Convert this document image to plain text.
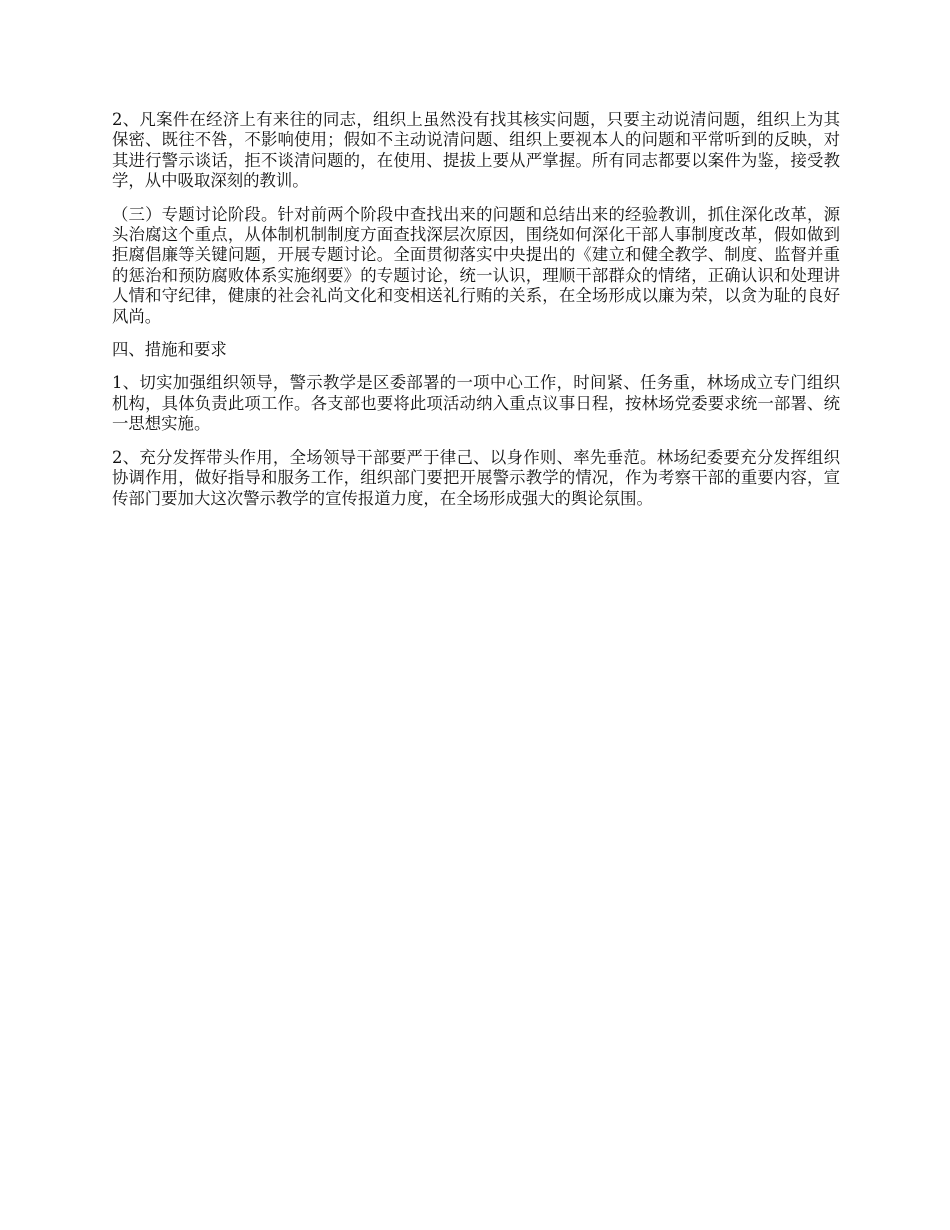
2、凡案件在经济上有来往的同志，组织上虽然没有找其核实问题，只要主动说清问题，组织上为其保密、既往不咎，不影响使用；假如不主动说清问题、组织上要视本人的问题和平常听到的反映，对其进行警示谈话，拒不谈清问题的，在使用、提拔上要从严掌握。所有同志都要以案件为鉴，接受教学，从中吸取深刻的教训。

（三）专题讨论阶段。针对前两个阶段中查找出来的问题和总结出来的经验教训，抓住深化改革，源头治腐这个重点，从体制机制制度方面查找深层次原因，围绕如何深化干部人事制度改革，假如做到拒腐倡廉等关键问题，开展专题讨论。全面贯彻落实中央提出的《建立和健全教学、制度、监督并重的惩治和预防腐败体系实施纲要》的专题讨论，统一认识，理顺干部群众的情绪，正确认识和处理讲人情和守纪律，健康的社会礼尚文化和变相送礼行贿的关系，在全场形成以廉为荣，以贪为耻的良好风尚。

四、措施和要求

1、切实加强组织领导，警示教学是区委部署的一项中心工作，时间紧、任务重，林场成立专门组织机构，具体负责此项工作。各支部也要将此项活动纳入重点议事日程，按林场党委要求统一部署、统一思想实施。

2、充分发挥带头作用，全场领导干部要严于律己、以身作则、率先垂范。林场纪委要充分发挥组织协调作用，做好指导和服务工作，组织部门要把开展警示教学的情况，作为考察干部的重要内容，宣传部门要加大这次警示教学的宣传报道力度，在全场形成强大的舆论氛围。
